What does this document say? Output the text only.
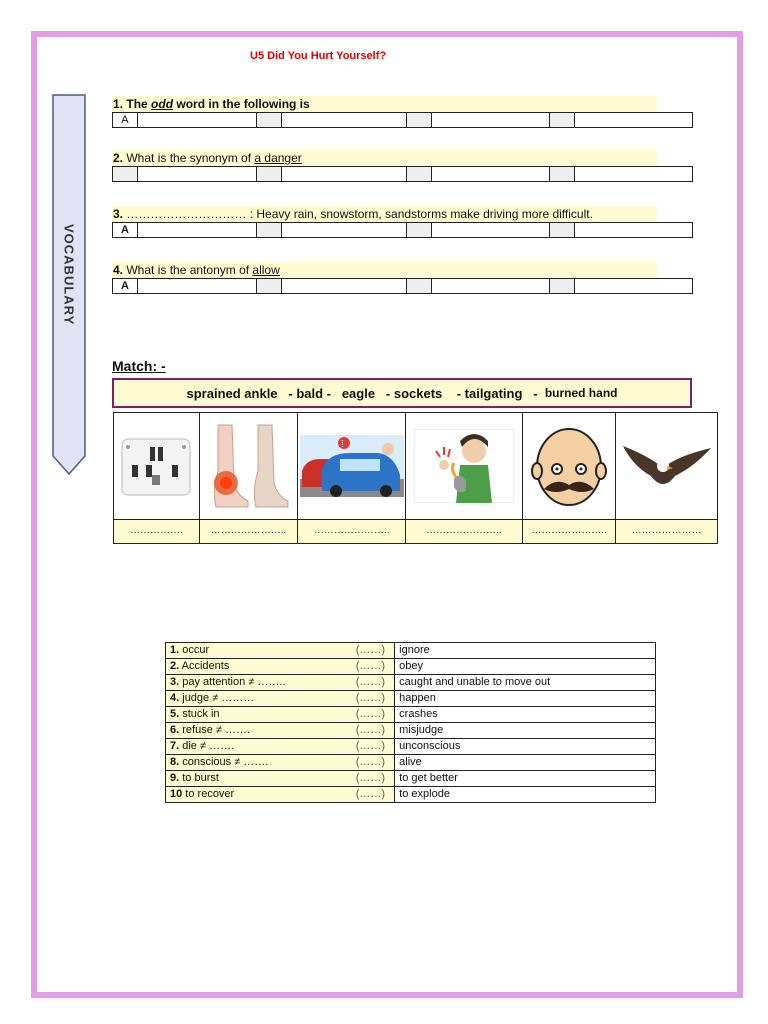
U5 Did You Hurt Yourself?
VOCABULARY
1. The odd word in the following is
A
2. What is the synonym of a danger
3. ………………………… : Heavy rain, snowstorm, sandstorms make driving more difficult.
A
4. What is the antonym of allow
A
Match: -
sprained ankle   - bald -   eagle   - sockets    - tailgating   - burned hand
!
…………….	…………………..	…………………..	…………………..	…………………..	…………………
1. occur	(……)	ignore
2. Accidents	(……)	obey
3. pay attention ≠ ……..	(……)	caught and unable to move out
4. judge ≠ ………	(……)	happen
5. stuck in	(……)	crashes
6. refuse ≠ …….	(……)	misjudge
7. die ≠ …….	(……)	unconscious
8. conscious ≠ …….	(……)	alive
9. to burst	(……)	to get better
10 to recover	(……)	to explode
